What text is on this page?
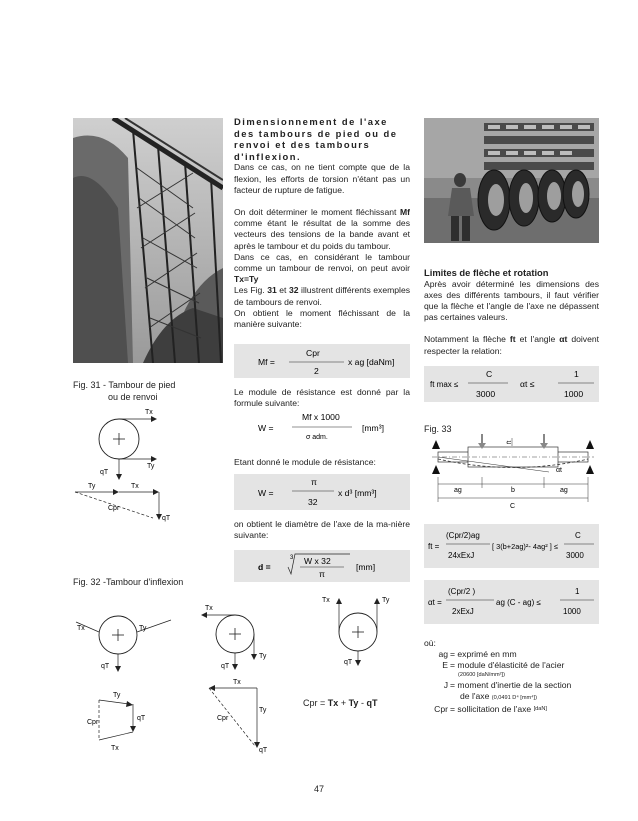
Dimensionnement de l'axe des tambours de pied ou de renvoi et des tambours d'inflexion.
Dans ce cas, on ne tient compte que de la flexion, les efforts de torsion n'étant pas un facteur de rupture de fatigue.
On doit déterminer le moment fléchissant Mf comme étant le résultat de la somme des vecteurs des tensions de la bande avant et après le tambour et du poids du tambour.
Dans ce cas, en considérant le tambour comme un tambour de renvoi, on peut avoir Tx=Ty
Les Fig. 31 et 32 illustrent différents exemples de tambours de renvoi.
On obtient le moment fléchissant de la manière suivante:
Mf =
Cpr
2
x ag [daNm]
Le module de résistance est donné par la formule suivante:
W =
Mf x 1000
σ adm.
[mm³]
Etant donné le module de résistance:
W =
π
32
x d³ [mm³]
on obtient le diamètre de l'axe de la ma-nière suivante:
d =
3 W x 32
π
[mm]
Limites de flèche et rotation
Après avoir déterminé les dimensions des axes des différents tambours, il faut vérifier que la flèche et l'angle de l'axe ne dépassent pas certaines valeurs.
Notamment la flèche ft et l'angle αt doivent respecter la relation:
ft max ≤
C
3000
αt ≤
1
1000
Fig. 33
ft
αt
ag	b	ag
C
ft =
(Cpr/2)ag
24xExJ
[ 3(b+2ag)²- 4ag² ] ≤
C
3000
αt =
(Cpr/2 )
2xExJ
ag (C - ag) ≤
1
1000
où:
ag = exprimé en mm
E = module d'élasticité de l'acier
(20600 [daN/mm²])
J = moment d'inertie de la section
de l'axe (0,0491 D⁴ [mm⁴])
Cpr = sollicitation de l'axe
[daN]
Fig. 31 - Tambour de pied
ou de renvoi
Tx
Ty
qT
Ty	Tx
qT
Cpr
Fig. 32 -Tambour d'inflexion
Tx	Ty
qT
Ty
qT
Tx
Cpr
Tx
Ty
qT
Tx
Ty
qT
Cpr
Tx	Ty
qT
Cpr = Tx + Ty - qT
47
